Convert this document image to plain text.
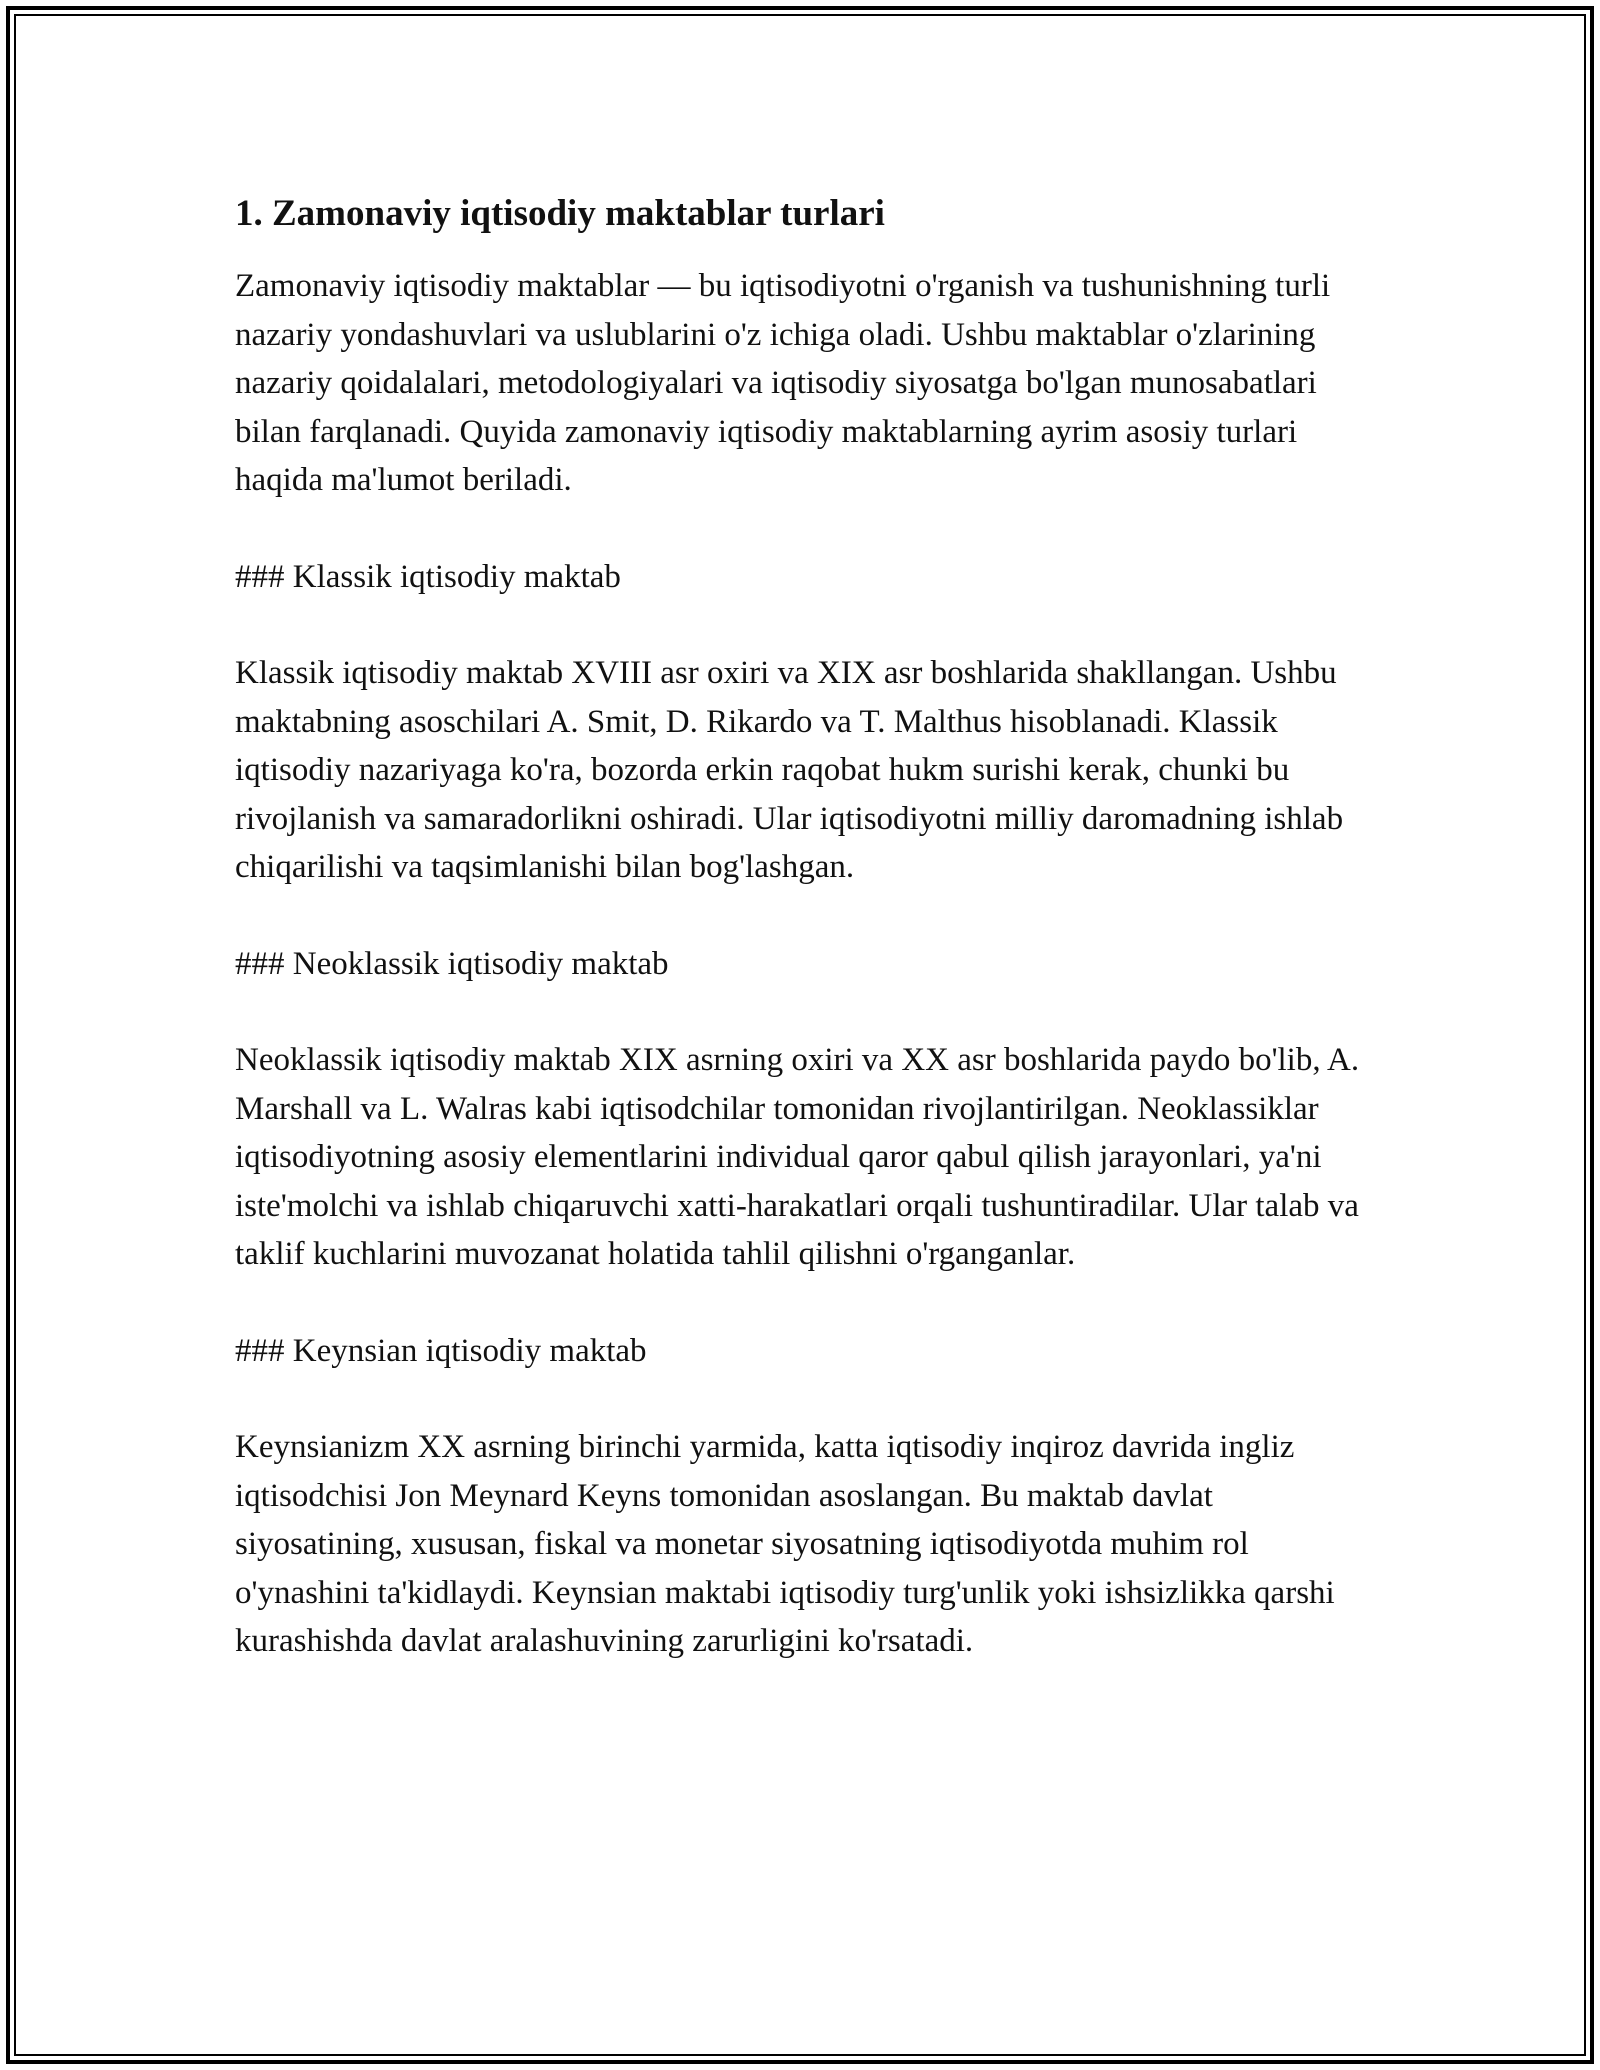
1. Zamonaviy iqtisodiy maktablar turlari

Zamonaviy iqtisodiy maktablar — bu iqtisodiyotni o'rganish va tushunishning turli nazariy yondashuvlari va uslublarini o'z ichiga oladi. Ushbu maktablar o'zlarining nazariy qoidalalari, metodologiyalari va iqtisodiy siyosatga bo'lgan munosabatlari bilan farqlanadi. Quyida zamonaviy iqtisodiy maktablarning ayrim asosiy turlari haqida ma'lumot beriladi.

### Klassik iqtisodiy maktab

Klassik iqtisodiy maktab XVIII asr oxiri va XIX asr boshlarida shakllangan. Ushbu maktabning asoschilari A. Smit, D. Rikardo va T. Malthus hisoblanadi. Klassik iqtisodiy nazariyaga ko'ra, bozorda erkin raqobat hukm surishi kerak, chunki bu rivojlanish va samaradorlikni oshiradi. Ular iqtisodiyotni milliy daromadning ishlab chiqarilishi va taqsimlanishi bilan bog'lashgan.

### Neoklassik iqtisodiy maktab

Neoklassik iqtisodiy maktab XIX asrning oxiri va XX asr boshlarida paydo bo'lib, A. Marshall va L. Walras kabi iqtisodchilar tomonidan rivojlantirilgan. Neoklassiklar iqtisodiyotning asosiy elementlarini individual qaror qabul qilish jarayonlari, ya'ni iste'molchi va ishlab chiqaruvchi xatti-harakatlari orqali tushuntiradilar. Ular talab va taklif kuchlarini muvozanat holatida tahlil qilishni o'rganganlar.

### Keynsian iqtisodiy maktab

Keynsianizm XX asrning birinchi yarmida, katta iqtisodiy inqiroz davrida ingliz iqtisodchisi Jon Meynard Keyns tomonidan asoslangan. Bu maktab davlat siyosatining, xususan, fiskal va monetar siyosatning iqtisodiyotda muhim rol o'ynashini ta'kidlaydi. Keynsian maktabi iqtisodiy turg'unlik yoki ishsizlikka qarshi kurashishda davlat aralashuvining zarurligini ko'rsatadi.
